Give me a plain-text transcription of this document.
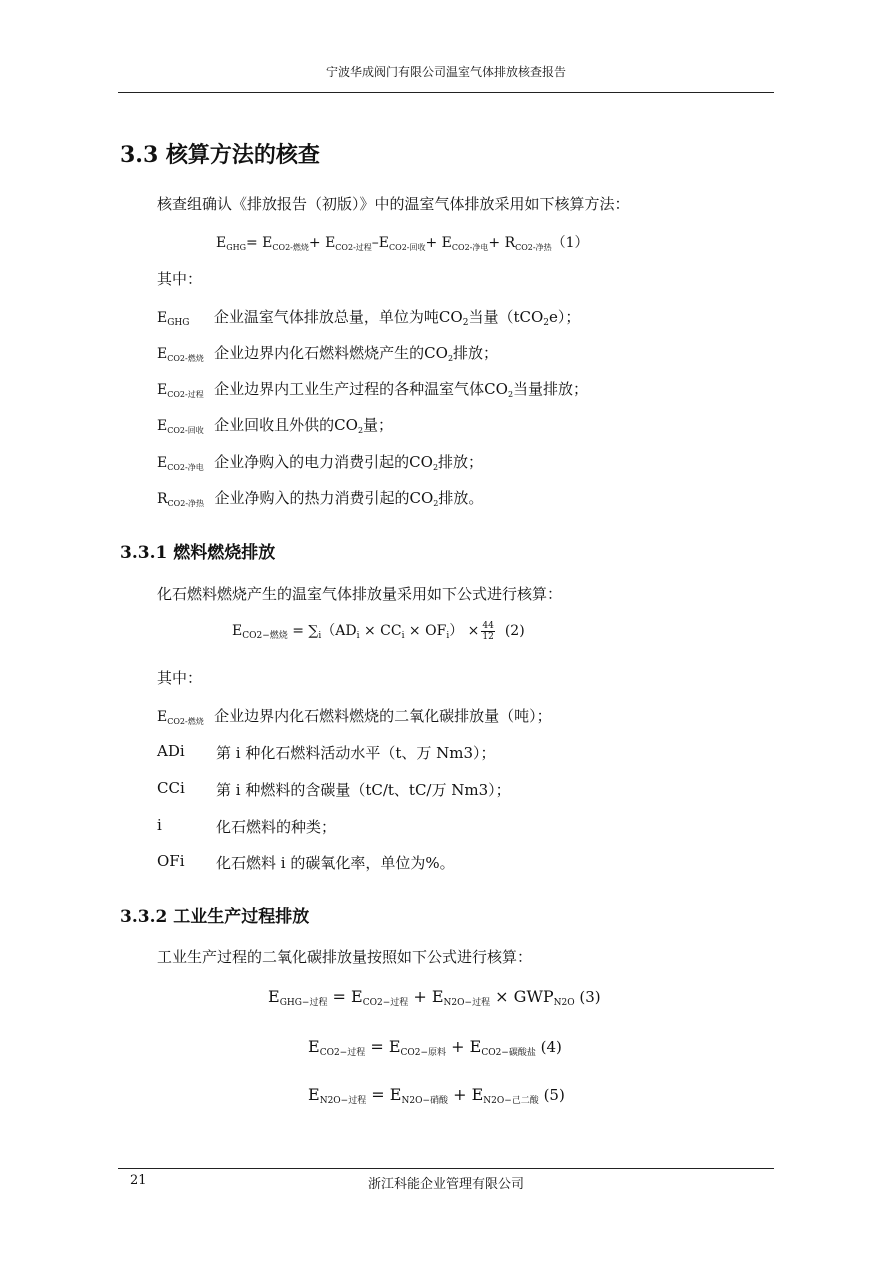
宁波华成阀门有限公司温室气体排放核查报告
3.3 核算方法的核查
核查组确认《排放报告（初版）》中的温室气体排放采用如下核算方法：
$E_{GHG}= E_{CO2-燃烧}+ E_{CO2-过程}-E_{CO2-回收}+ E_{CO2-净电}+ R_{CO2-净热}(1)$
其中：
$E_{GHG}$ 企业温室气体排放总量，单位为吨$CO_2$当量（tCO$_2$e）；
$E_{CO2-燃烧}$ 企业边界内化石燃料燃烧产生的$CO_2$排放；
$E_{CO2-过程}$ 企业边界内工业生产过程的各种温室气体$CO_2$当量排放；
$E_{CO2-回收}$ 企业回收且外供的$CO_2$量；
$E_{CO2-净电}$ 企业净购入的电力消费引起的$CO_2$排放；
$R_{CO2-净热}$ 企业净购入的热力消费引起的$CO_2$排放。
3.3.1 燃料燃烧排放
化石燃料燃烧产生的温室气体排放量采用如下公式进行核算：
$E_{CO2-燃烧} = \sum_i(AD_i \times CC_i \times OF_i) \times \frac{44}{12} (2)$
其中：
$E_{CO2-燃烧}$ 企业边界内化石燃料燃烧的二氧化碳排放量（吨）；
ADi 第 i 种化石燃料活动水平（t、万 Nm3）；
CCi 第 i 种燃料的含碳量（tC/t、tC/万 Nm3）；
i	化石燃料的种类；
OFi 化石燃料 i 的碳氧化率，单位为%。
3.3.2 工业生产过程排放
工业生产过程的二氧化碳排放量按照如下公式进行核算：
$E_{GHG-过程} = E_{CO2-过程} + E_{N2O-过程} \times GWP_{N2O}$ (3)
$E_{CO2-过程} = E_{CO2-原料} + E_{CO2-碳酸盐}$ (4)
$E_{N2O-过程} = E_{N2O-硝酸} + E_{N2O-己二酸}$ (5)
21	浙江科能企业管理有限公司
